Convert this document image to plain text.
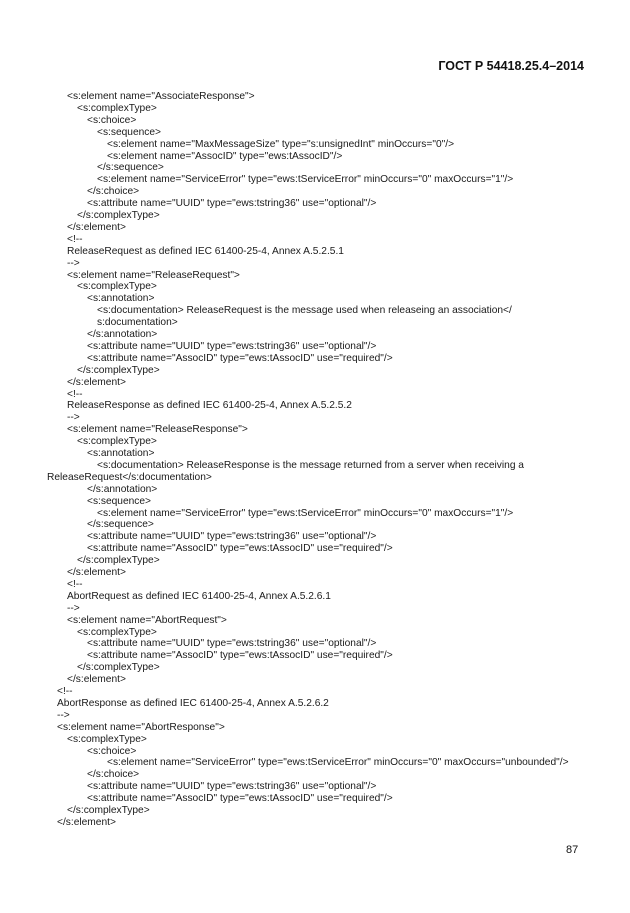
ГОСТ Р 54418.25.4–2014
<s:element name="AssociateResponse">
<s:complexType>
<s:choice>
<s:sequence>
<s:element name="MaxMessageSize" type="s:unsignedInt" minOccurs="0"/>
<s:element name="AssocID" type="ews:tAssocID"/>
</s:sequence>
<s:element name="ServiceError" type="ews:tServiceError" minOccurs="0" maxOccurs="1"/>
</s:choice>
<s:attribute name="UUID" type="ews:tstring36" use="optional"/>
</s:complexType>
</s:element>
<!--
ReleaseRequest as defined IEC 61400-25-4, Annex A.5.2.5.1
-->
<s:element name="ReleaseRequest">
<s:complexType>
<s:annotation>
<s:documentation> ReleaseRequest is the message used when releaseing an association</
s:documentation>
</s:annotation>
<s:attribute name="UUID" type="ews:tstring36" use="optional"/>
<s:attribute name="AssocID" type="ews:tAssocID" use="required"/>
</s:complexType>
</s:element>
<!--
ReleaseResponse as defined IEC 61400-25-4, Annex A.5.2.5.2
-->
<s:element name="ReleaseResponse">
<s:complexType>
<s:annotation>
<s:documentation> ReleaseResponse is the message returned from a server when receiving a
ReleaseRequest</s:documentation>
</s:annotation>
<s:sequence>
<s:element name="ServiceError" type="ews:tServiceError" minOccurs="0" maxOccurs="1"/>
</s:sequence>
<s:attribute name="UUID" type="ews:tstring36" use="optional"/>
<s:attribute name="AssocID" type="ews:tAssocID" use="required"/>
</s:complexType>
</s:element>
<!--
AbortRequest as defined IEC 61400-25-4, Annex A.5.2.6.1
-->
<s:element name="AbortRequest">
<s:complexType>
<s:attribute name="UUID" type="ews:tstring36" use="optional"/>
<s:attribute name="AssocID" type="ews:tAssocID" use="required"/>
</s:complexType>
</s:element>
<!--
AbortResponse as defined IEC 61400-25-4, Annex A.5.2.6.2
-->
<s:element name="AbortResponse">
<s:complexType>
<s:choice>
<s:element name="ServiceError" type="ews:tServiceError" minOccurs="0" maxOccurs="unbounded"/>
</s:choice>
<s:attribute name="UUID" type="ews:tstring36" use="optional"/>
<s:attribute name="AssocID" type="ews:tAssocID" use="required"/>
</s:complexType>
</s:element>
87
